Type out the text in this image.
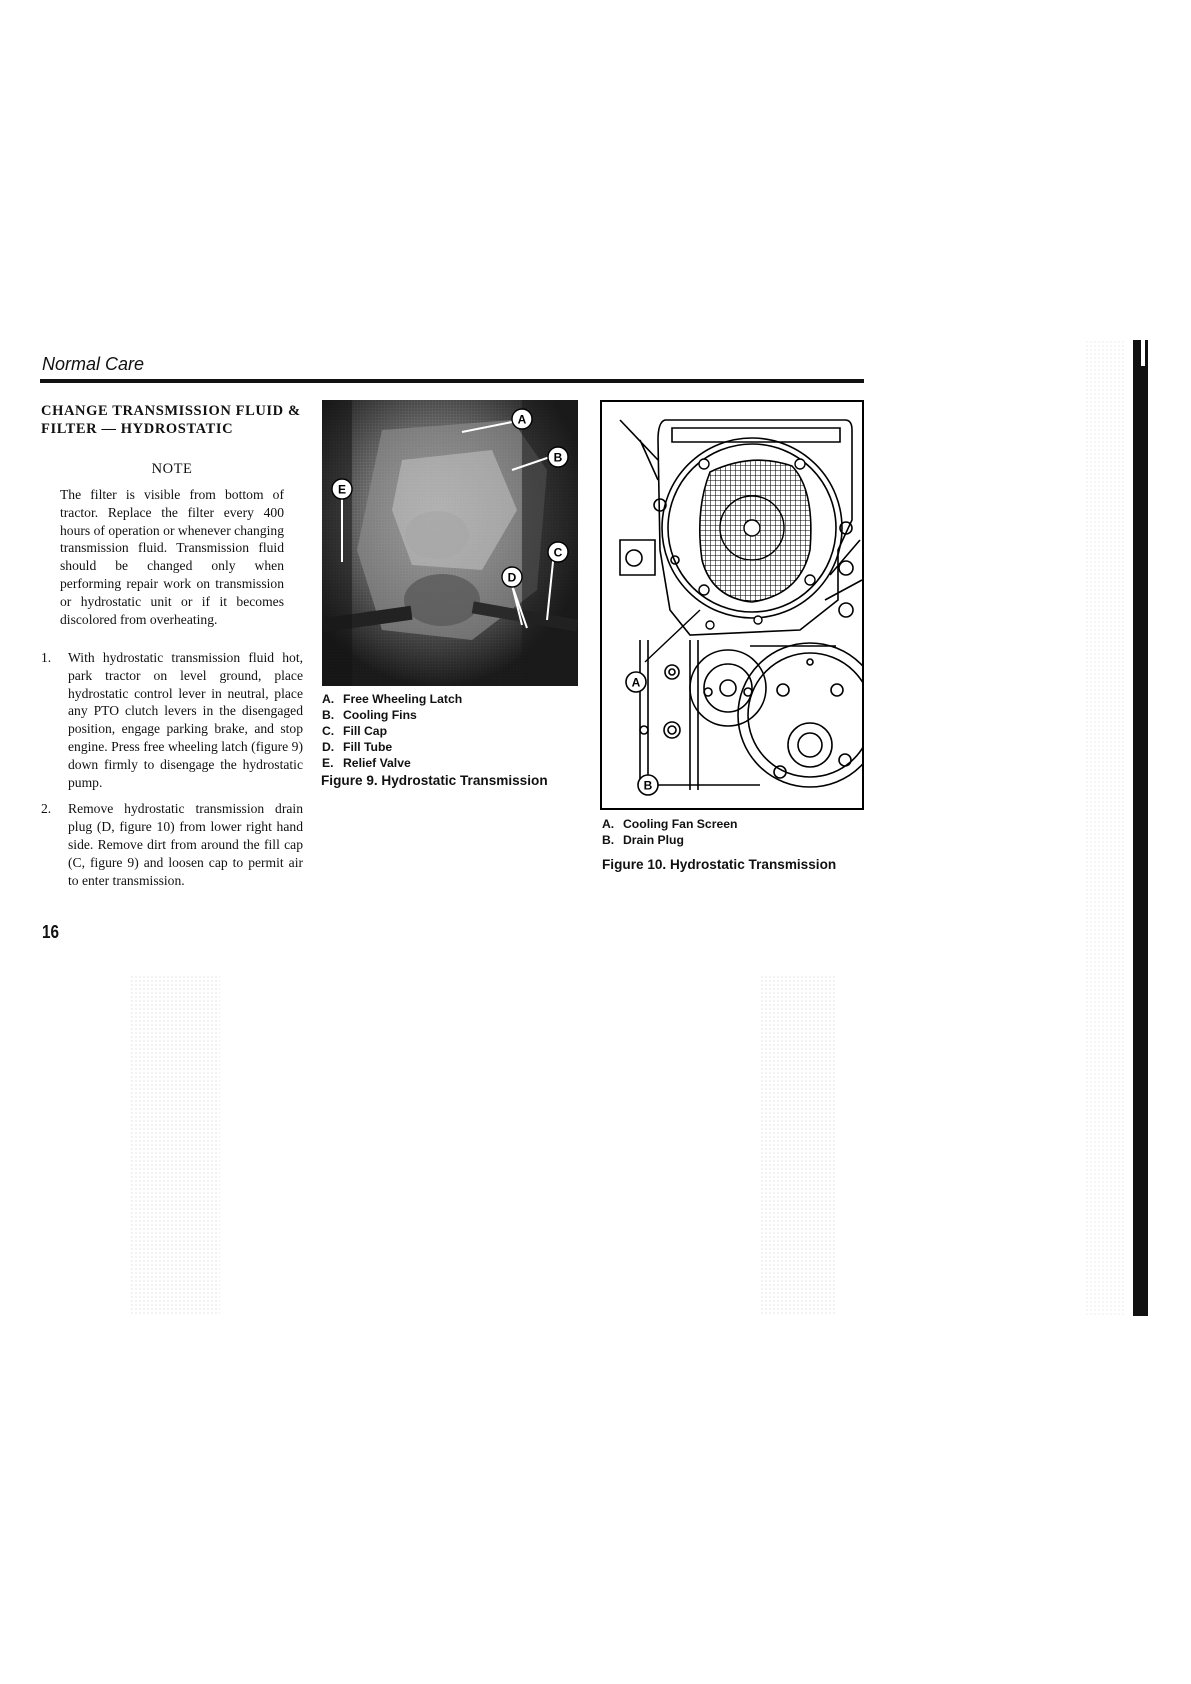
Normal Care
CHANGE TRANSMISSION FLUID & FILTER — HYDROSTATIC
NOTE
The filter is visible from bottom of tractor. Replace the filter every 400 hours of operation or whenever changing transmission fluid. Transmission fluid should be changed only when performing repair work on transmission or hydrostatic unit or if it becomes discolored from overheating.
1.	With hydrostatic transmission fluid hot, park tractor on level ground, place hydrostatic control lever in neutral, place any PTO clutch levers in the disengaged position, engage parking brake, and stop engine. Press free wheeling latch (figure 9) down firmly to disengage the hydrostatic pump.
2.	Remove hydrostatic transmission drain plug (D, figure 10) from lower right hand side. Remove dirt from around the fill cap (C, figure 9) and loosen cap to permit air to enter transmission.
A
B
C
D
E
A. Free Wheeling Latch
B. Cooling Fins
C. Fill Cap
D. Fill Tube
E. Relief Valve
Figure 9. Hydrostatic Transmission
A
B
A. Cooling Fan Screen
B. Drain Plug
Figure 10. Hydrostatic Transmission
16
